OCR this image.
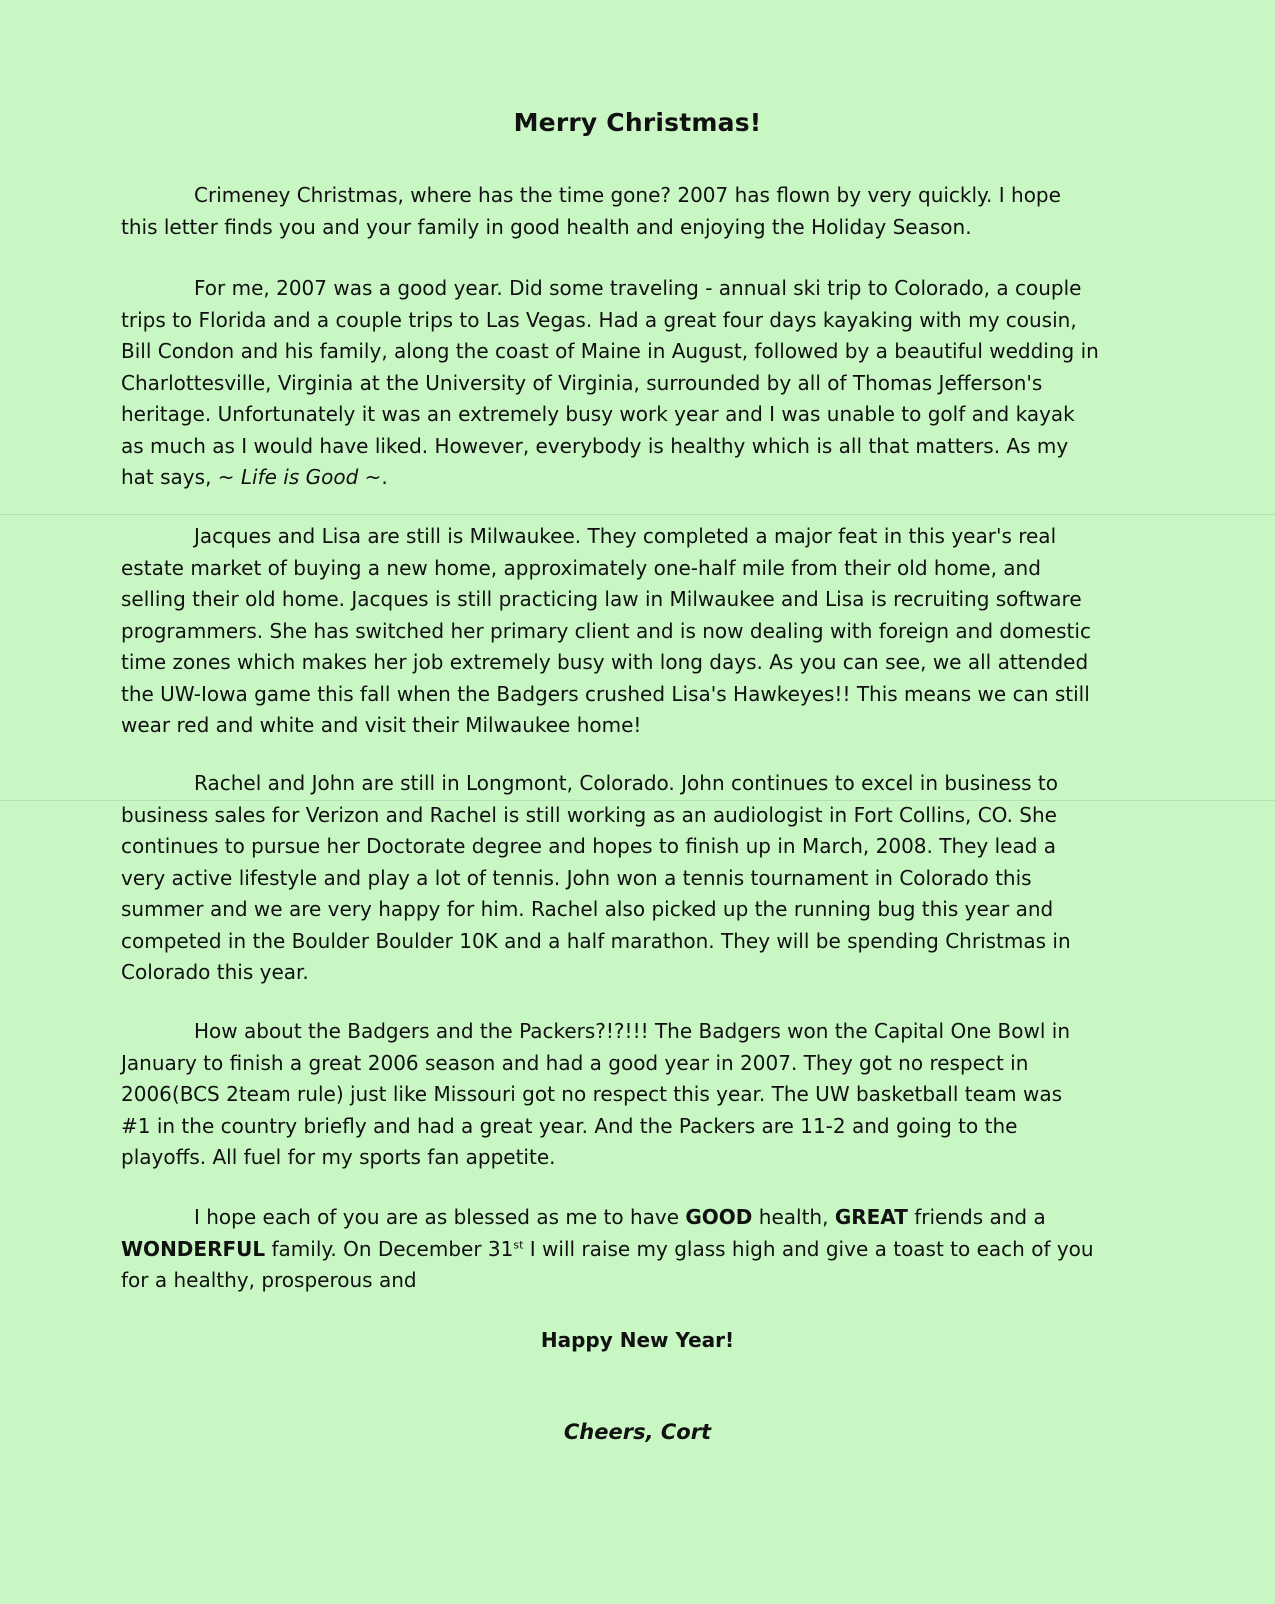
Merry Christmas!

Crimeney Christmas, where has the time gone? 2007 has flown by very quickly. I hope
this letter finds you and your family in good health and enjoying the Holiday Season.

For me, 2007 was a good year. Did some traveling - annual ski trip to Colorado, a couple
trips to Florida and a couple trips to Las Vegas. Had a great four days kayaking with my cousin,
Bill Condon and his family, along the coast of Maine in August, followed by a beautiful wedding in
Charlottesville, Virginia at the University of Virginia, surrounded by all of Thomas Jefferson's
heritage. Unfortunately it was an extremely busy work year and I was unable to golf and kayak
as much as I would have liked. However, everybody is healthy which is all that matters. As my
hat says, ~ Life is Good ~.

Jacques and Lisa are still is Milwaukee. They completed a major feat in this year's real
estate market of buying a new home, approximately one-half mile from their old home, and
selling their old home. Jacques is still practicing law in Milwaukee and Lisa is recruiting software
programmers. She has switched her primary client and is now dealing with foreign and domestic
time zones which makes her job extremely busy with long days. As you can see, we all attended
the UW-Iowa game this fall when the Badgers crushed Lisa's Hawkeyes!! This means we can still
wear red and white and visit their Milwaukee home!

Rachel and John are still in Longmont, Colorado. John continues to excel in business to
business sales for Verizon and Rachel is still working as an audiologist in Fort Collins, CO. She
continues to pursue her Doctorate degree and hopes to finish up in March, 2008. They lead a
very active lifestyle and play a lot of tennis. John won a tennis tournament in Colorado this
summer and we are very happy for him. Rachel also picked up the running bug this year and
competed in the Boulder Boulder 10K and a half marathon. They will be spending Christmas in
Colorado this year.

How about the Badgers and the Packers?!?!!! The Badgers won the Capital One Bowl in
January to finish a great 2006 season and had a good year in 2007. They got no respect in
2006(BCS 2team rule) just like Missouri got no respect this year. The UW basketball team was
#1 in the country briefly and had a great year. And the Packers are 11-2 and going to the
playoffs. All fuel for my sports fan appetite.

I hope each of you are as blessed as me to have GOOD health, GREAT friends and a
WONDERFUL family. On December 31st I will raise my glass high and give a toast to each of you
for a healthy, prosperous and

Happy New Year!
Cheers, Cort
